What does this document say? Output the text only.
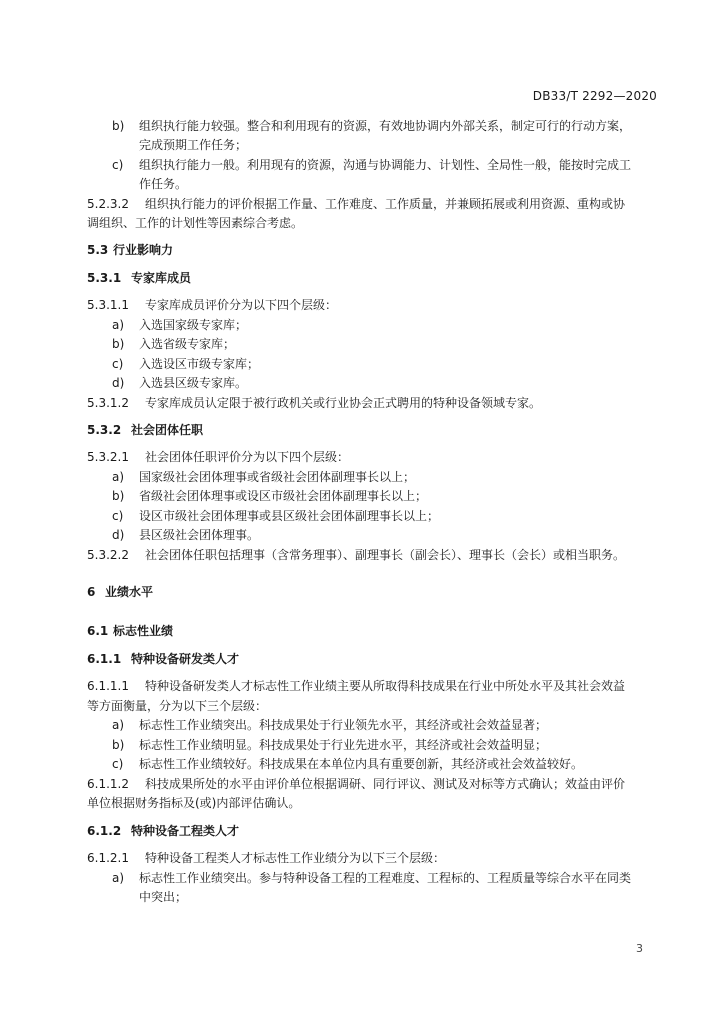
DB33/T 2292—2020
b) 组织执行能力较强。整合和利用现有的资源，有效地协调内外部关系，制定可行的行动方案，
完成预期工作任务；
c) 组织执行能力一般。利用现有的资源，沟通与协调能力、计划性、全局性一般，能按时完成工
作任务。
5.2.3.2 组织执行能力的评价根据工作量、工作难度、工作质量，并兼顾拓展或利用资源、重构或协
调组织、工作的计划性等因素综合考虑。
5.3 行业影响力
5.3.1 专家库成员
5.3.1.1 专家库成员评价分为以下四个层级：
a) 入选国家级专家库；
b) 入选省级专家库；
c) 入选设区市级专家库；
d) 入选县区级专家库。
5.3.1.2 专家库成员认定限于被行政机关或行业协会正式聘用的特种设备领域专家。
5.3.2 社会团体任职
5.3.2.1 社会团体任职评价分为以下四个层级：
a) 国家级社会团体理事或省级社会团体副理事长以上；
b) 省级社会团体理事或设区市级社会团体副理事长以上；
c) 设区市级社会团体理事或县区级社会团体副理事长以上；
d) 县区级社会团体理事。
5.3.2.2 社会团体任职包括理事（含常务理事）、副理事长（副会长）、理事长（会长）或相当职务。
6 业绩水平
6.1 标志性业绩
6.1.1 特种设备研发类人才
6.1.1.1 特种设备研发类人才标志性工作业绩主要从所取得科技成果在行业中所处水平及其社会效益
等方面衡量，分为以下三个层级：
a) 标志性工作业绩突出。科技成果处于行业领先水平，其经济或社会效益显著；
b) 标志性工作业绩明显。科技成果处于行业先进水平，其经济或社会效益明显；
c) 标志性工作业绩较好。科技成果在本单位内具有重要创新，其经济或社会效益较好。
6.1.1.2 科技成果所处的水平由评价单位根据调研、同行评议、测试及对标等方式确认；效益由评价
单位根据财务指标及(或)内部评估确认。
6.1.2 特种设备工程类人才
6.1.2.1 特种设备工程类人才标志性工作业绩分为以下三个层级：
a) 标志性工作业绩突出。参与特种设备工程的工程难度、工程标的、工程质量等综合水平在同类
中突出；
3
